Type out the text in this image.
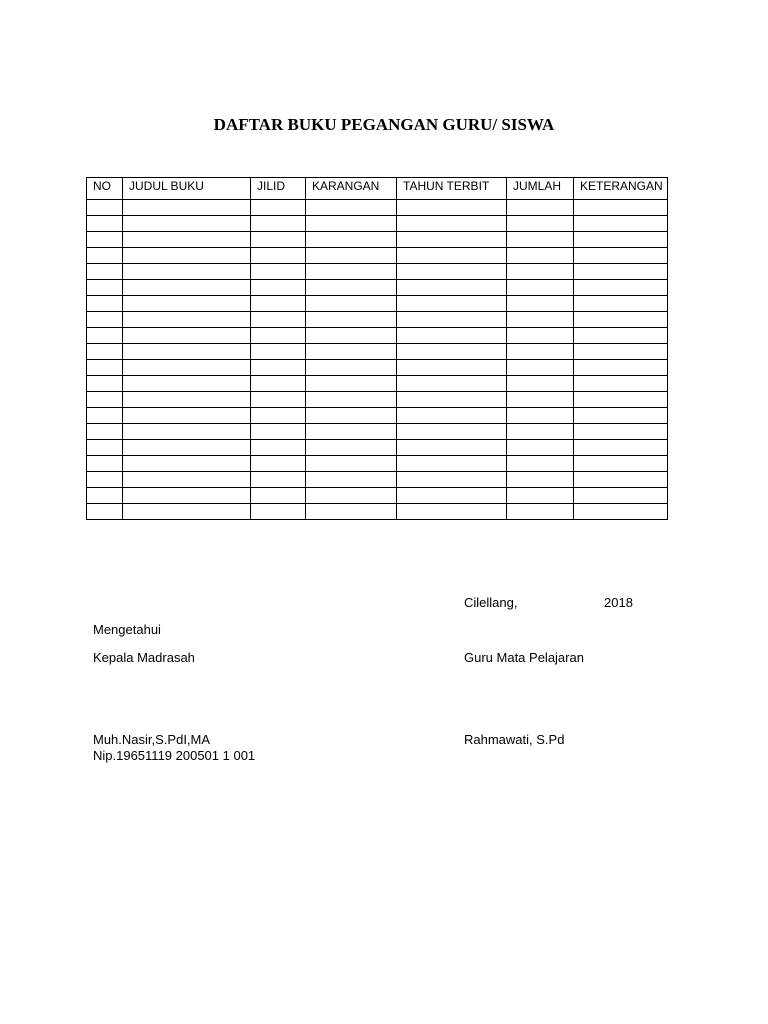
DAFTAR BUKU PEGANGAN GURU/ SISWA
NO	JUDUL BUKU	JILID	KARANGAN	TAHUN TERBIT	JUMLAH	KETERANGAN

Cilellang,	2018
Mengetahui
Kepala Madrasah	Guru Mata Pelajaran
Muh.Nasir,S.PdI,MA
Nip.19651119 200501 1 001
Rahmawati, S.Pd
